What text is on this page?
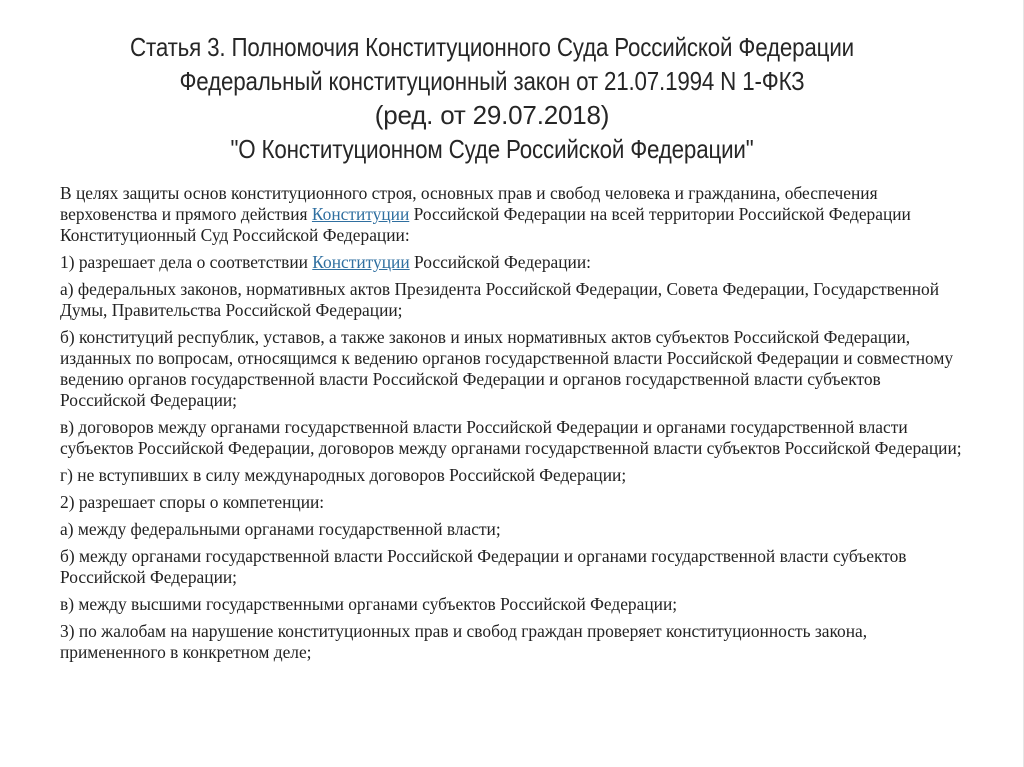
Статья 3. Полномочия Конституционного Суда Российской Федерации
Федеральный конституционный закон от 21.07.1994 N 1-ФКЗ
(ред. от 29.07.2018)
"О Конституционном Суде Российской Федерации"

В целях защиты основ конституционного строя, основных прав и свобод человека и гражданина, обеспечения верховенства и прямого действия Конституции Российской Федерации на всей территории Российской Федерации Конституционный Суд Российской Федерации:

1) разрешает дела о соответствии Конституции Российской Федерации:

а) федеральных законов, нормативных актов Президента Российской Федерации, Совета Федерации, Государственной Думы, Правительства Российской Федерации;

б) конституций республик, уставов, а также законов и иных нормативных актов субъектов Российской Федерации, изданных по вопросам, относящимся к ведению органов государственной власти Российской Федерации и совместному ведению органов государственной власти Российской Федерации и органов государственной власти субъектов Российской Федерации;

в) договоров между органами государственной власти Российской Федерации и органами государственной власти субъектов Российской Федерации, договоров между органами государственной власти субъектов Российской Федерации;

г) не вступивших в силу международных договоров Российской Федерации;

2) разрешает споры о компетенции:

а) между федеральными органами государственной власти;

б) между органами государственной власти Российской Федерации и органами государственной власти субъектов Российской Федерации;

в) между высшими государственными органами субъектов Российской Федерации;

3) по жалобам на нарушение конституционных прав и свобод граждан проверяет конституционность закона, примененного в конкретном деле;
